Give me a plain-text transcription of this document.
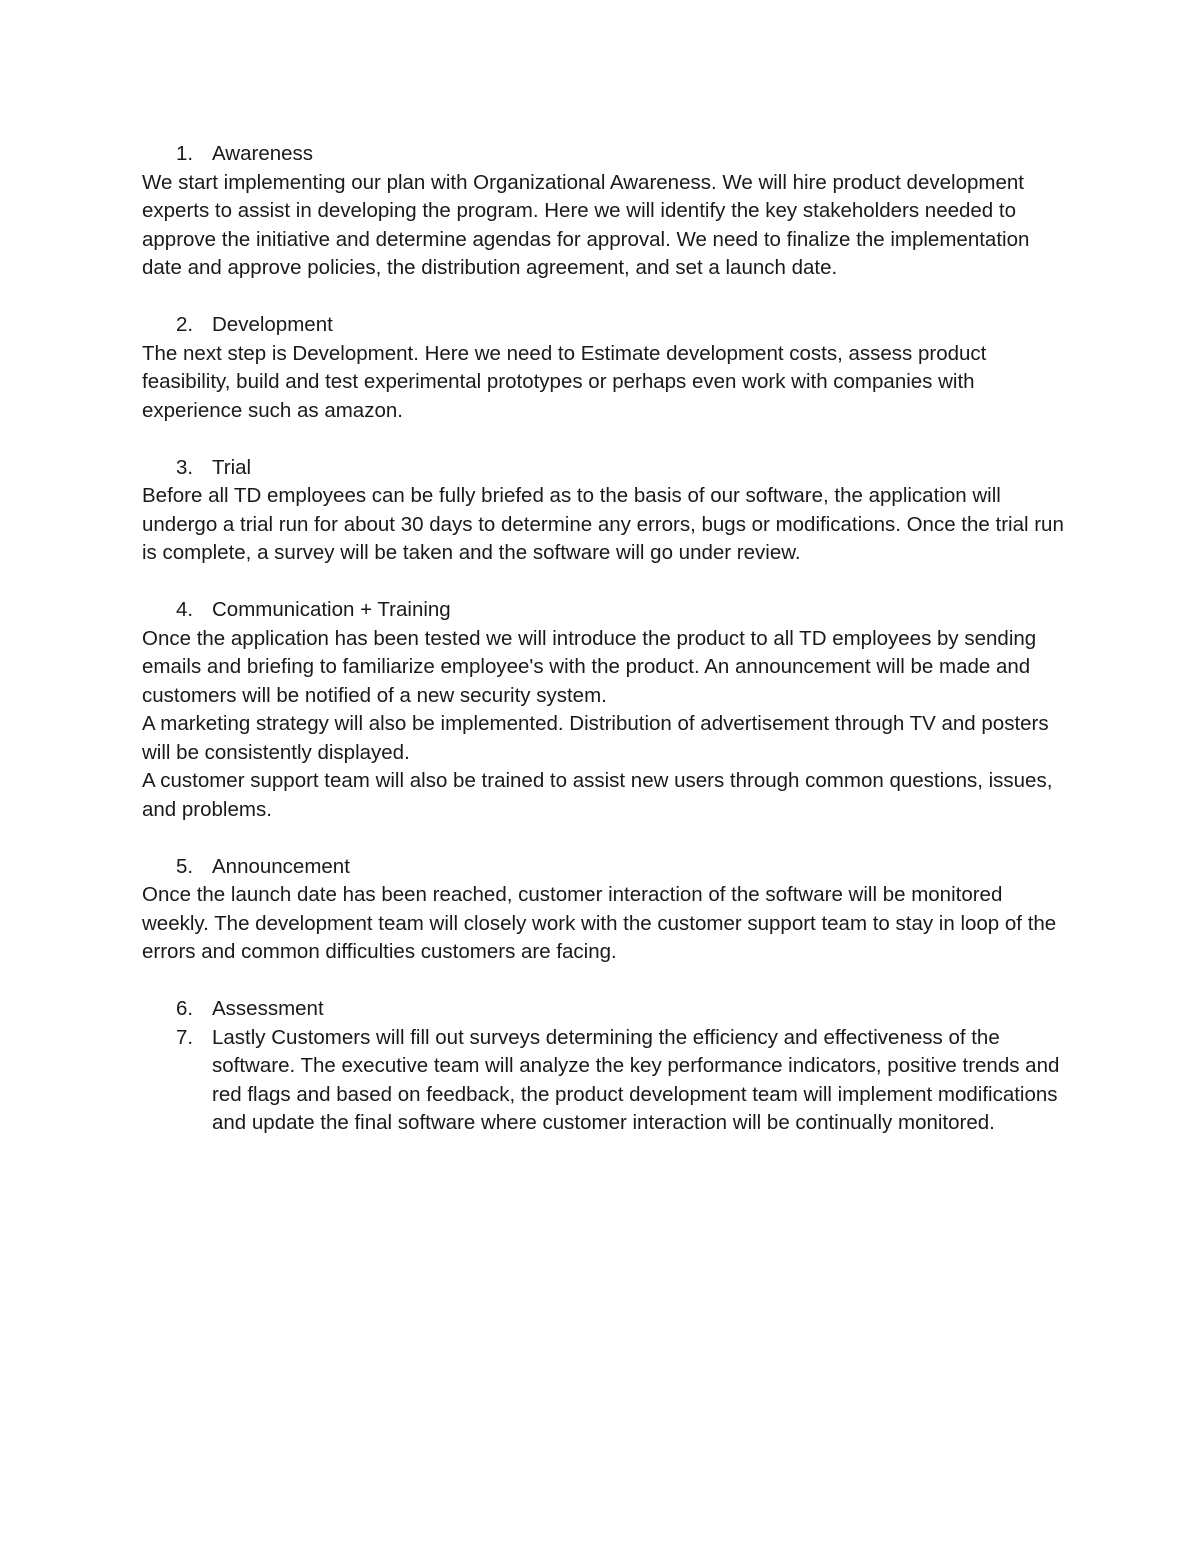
1. Awareness

We start implementing our plan with Organizational Awareness. We will hire product development experts to assist in developing the program. Here we will identify the key stakeholders needed to approve the initiative and determine agendas for approval. We need to finalize the implementation date and approve policies, the distribution agreement, and set a launch date.

2. Development

The next step is Development. Here we need to Estimate development costs, assess product feasibility, build and test experimental prototypes or perhaps even work with companies with experience such as amazon.

3. Trial

Before all TD employees can be fully briefed as to the basis of our software, the application will undergo a trial run for about 30 days to determine any errors, bugs or modifications. Once the trial run is complete, a survey will be taken and the software will go under review.

4. Communication + Training

Once the application has been tested we will introduce the product to all TD employees by sending emails and briefing to familiarize employee's with the product. An announcement will be made and customers will be notified of a new security system.

A marketing strategy will also be implemented. Distribution of advertisement through TV and posters will be consistently displayed.

A customer support team will also be trained to assist new users through common questions, issues, and problems.

5. Announcement

Once the launch date has been reached, customer interaction of the software will be monitored weekly. The development team will closely work with the customer support team to stay in loop of the errors and common difficulties customers are facing.

6. Assessment
7. Lastly Customers will fill out surveys determining the efficiency and effectiveness of the software. The executive team will analyze the key performance indicators, positive trends and red flags and based on feedback, the product development team will implement modifications and update the final software where customer interaction will be continually monitored.
